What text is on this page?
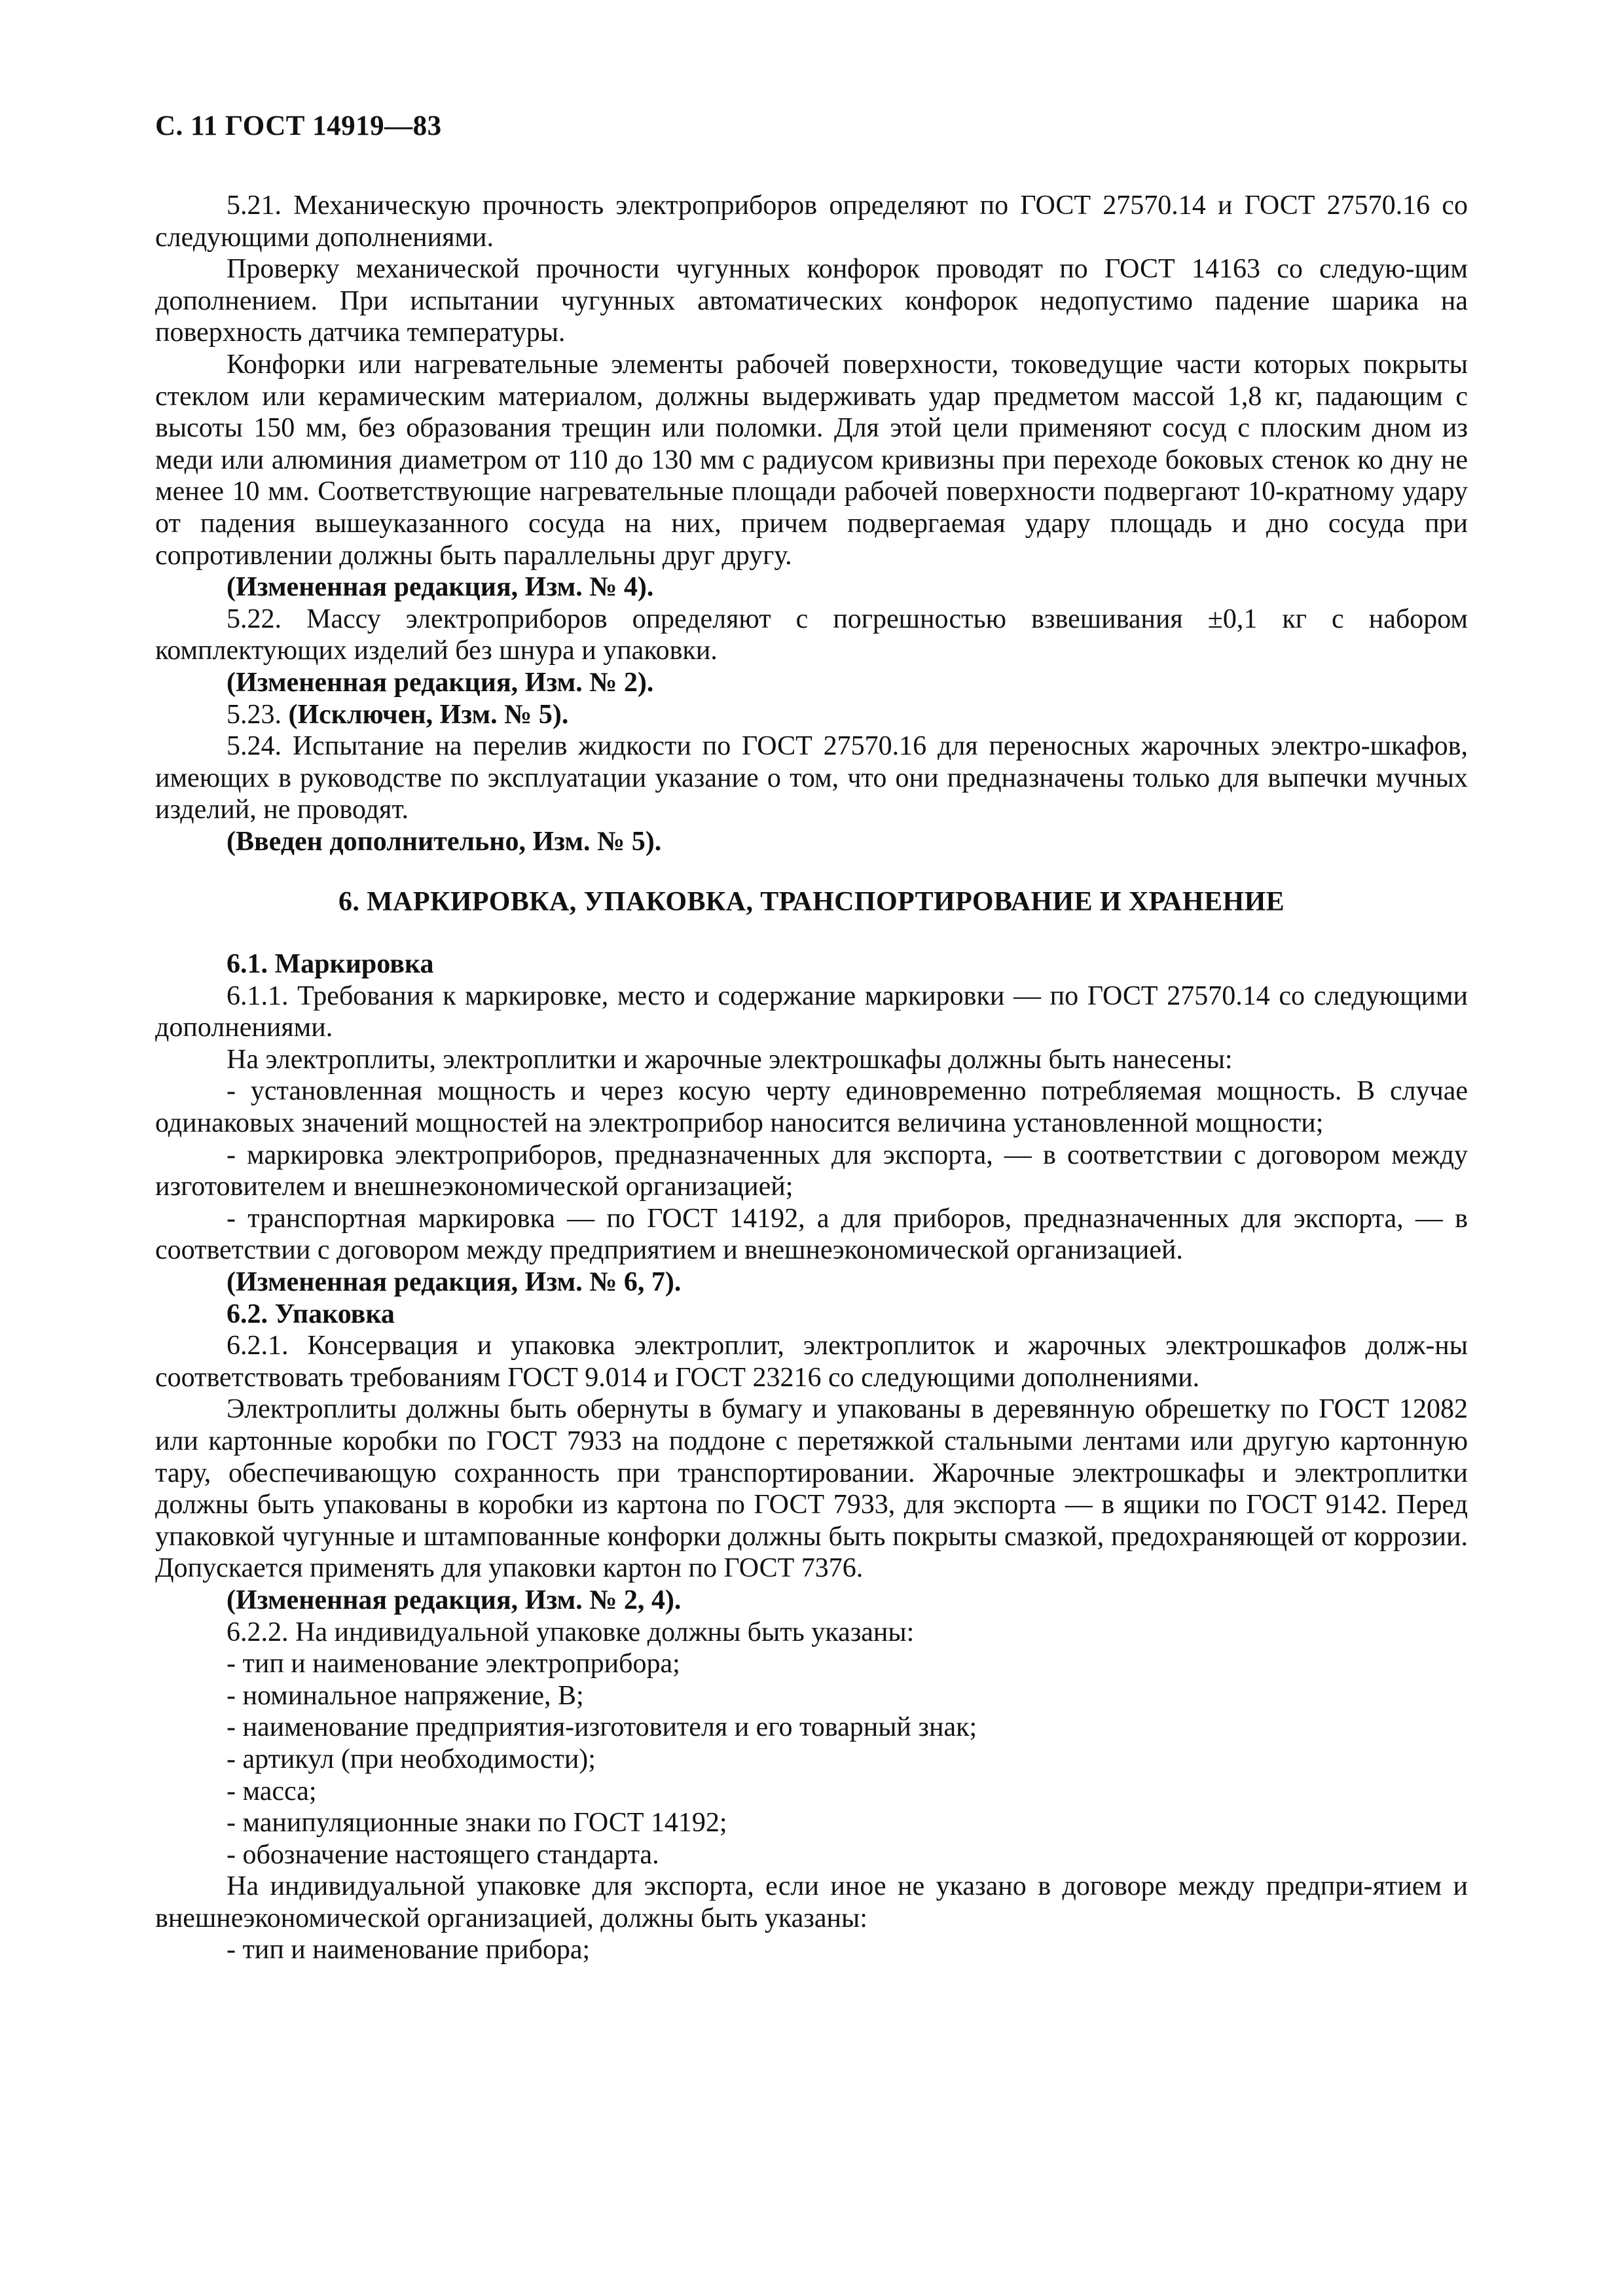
С. 11 ГОСТ 14919—83

5.21. Механическую прочность электроприборов определяют по ГОСТ 27570.14 и ГОСТ 27570.16 со следующими дополнениями.

Проверку механической прочности чугунных конфорок проводят по ГОСТ 14163 со следую-щим дополнением. При испытании чугунных автоматических конфорок недопустимо падение шарика на поверхность датчика температуры.

Конфорки или нагревательные элементы рабочей поверхности, токоведущие части которых покрыты стеклом или керамическим материалом, должны выдерживать удар предметом массой 1,8 кг, падающим с высоты 150 мм, без образования трещин или поломки. Для этой цели применяют сосуд с плоским дном из меди или алюминия диаметром от 110 до 130 мм с радиусом кривизны при переходе боковых стенок ко дну не менее 10 мм. Соответствующие нагревательные площади рабочей поверхности подвергают 10-кратному удару от падения вышеуказанного сосуда на них, причем подвергаемая удару площадь и дно сосуда при сопротивлении должны быть параллельны друг другу.

(Измененная редакция, Изм. № 4).

5.22. Массу электроприборов определяют с погрешностью взвешивания ±0,1 кг с набором комплектующих изделий без шнура и упаковки.

(Измененная редакция, Изм. № 2).

5.23. (Исключен, Изм. № 5).

5.24. Испытание на перелив жидкости по ГОСТ 27570.16 для переносных жарочных электро-шкафов, имеющих в руководстве по эксплуатации указание о том, что они предназначены только для выпечки мучных изделий, не проводят.

(Введен дополнительно, Изм. № 5).

6. МАРКИРОВКА, УПАКОВКА, ТРАНСПОРТИРОВАНИЕ И ХРАНЕНИЕ

6.1. Маркировка

6.1.1. Требования к маркировке, место и содержание маркировки — по ГОСТ 27570.14 со следующими дополнениями.

На электроплиты, электроплитки и жарочные электрошкафы должны быть нанесены:

- установленная мощность и через косую черту единовременно потребляемая мощность. В случае одинаковых значений мощностей на электроприбор наносится величина установленной мощности;

- маркировка электроприборов, предназначенных для экспорта, — в соответствии с договором между изготовителем и внешнеэкономической организацией;

- транспортная маркировка — по ГОСТ 14192, а для приборов, предназначенных для экспорта, — в соответствии с договором между предприятием и внешнеэкономической организацией.

(Измененная редакция, Изм. № 6, 7).

6.2. Упаковка

6.2.1. Консервация и упаковка электроплит, электроплиток и жарочных электрошкафов долж-ны соответствовать требованиям ГОСТ 9.014 и ГОСТ 23216 со следующими дополнениями.

Электроплиты должны быть обернуты в бумагу и упакованы в деревянную обрешетку по ГОСТ 12082 или картонные коробки по ГОСТ 7933 на поддоне с перетяжкой стальными лентами или другую картонную тару, обеспечивающую сохранность при транспортировании. Жарочные электрошкафы и электроплитки должны быть упакованы в коробки из картона по ГОСТ 7933, для экспорта — в ящики по ГОСТ 9142. Перед упаковкой чугунные и штампованные конфорки должны быть покрыты смазкой, предохраняющей от коррозии. Допускается применять для упаковки картон по ГОСТ 7376.

(Измененная редакция, Изм. № 2, 4).

6.2.2. На индивидуальной упаковке должны быть указаны:

- тип и наименование электроприбора;

- номинальное напряжение, В;

- наименование предприятия-изготовителя и его товарный знак;

- артикул (при необходимости);

- масса;

- манипуляционные знаки по ГОСТ 14192;

- обозначение настоящего стандарта.

На индивидуальной упаковке для экспорта, если иное не указано в договоре между предпри-ятием и внешнеэкономической организацией, должны быть указаны:

- тип и наименование прибора;
